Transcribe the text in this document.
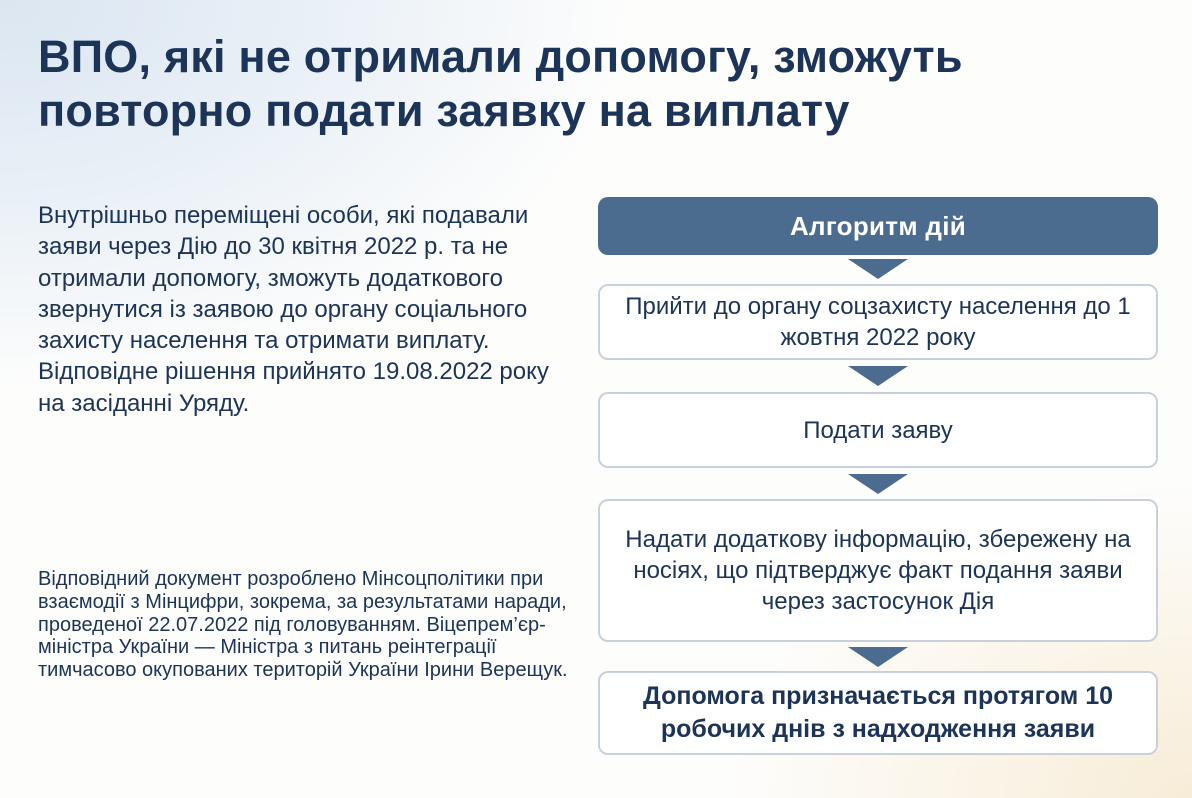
ВПО, які не отримали допомогу, зможуть повторно подати заявку на виплату

Внутрішньо переміщені особи, які подавали заяви через Дію до 30 квітня 2022 р. та не отримали допомогу, зможуть додаткового звернутися із заявою до органу соціального захисту населення та отримати виплату. Відповідне рішення прийнято 19.08.2022 року на засіданні Уряду.

Відповідний документ розроблено Мінсоцполітики при взаємодії з Мінцифри, зокрема, за результатами наради, проведеної 22.07.2022 під головуванням. Віцепрем’єр-міністра України — Міністра з питань реінтеграції тимчасово окупованих територій України Ірини Верещук.

Алгоритм дій
Прийти до органу соцзахисту населення до 1 жовтня 2022 року
Подати заяву
Надати додаткову інформацію, збережену на носіях, що підтверджує факт подання заяви через застосунок Дія
Допомога призначається протягом 10 робочих днів з надходження заяви
